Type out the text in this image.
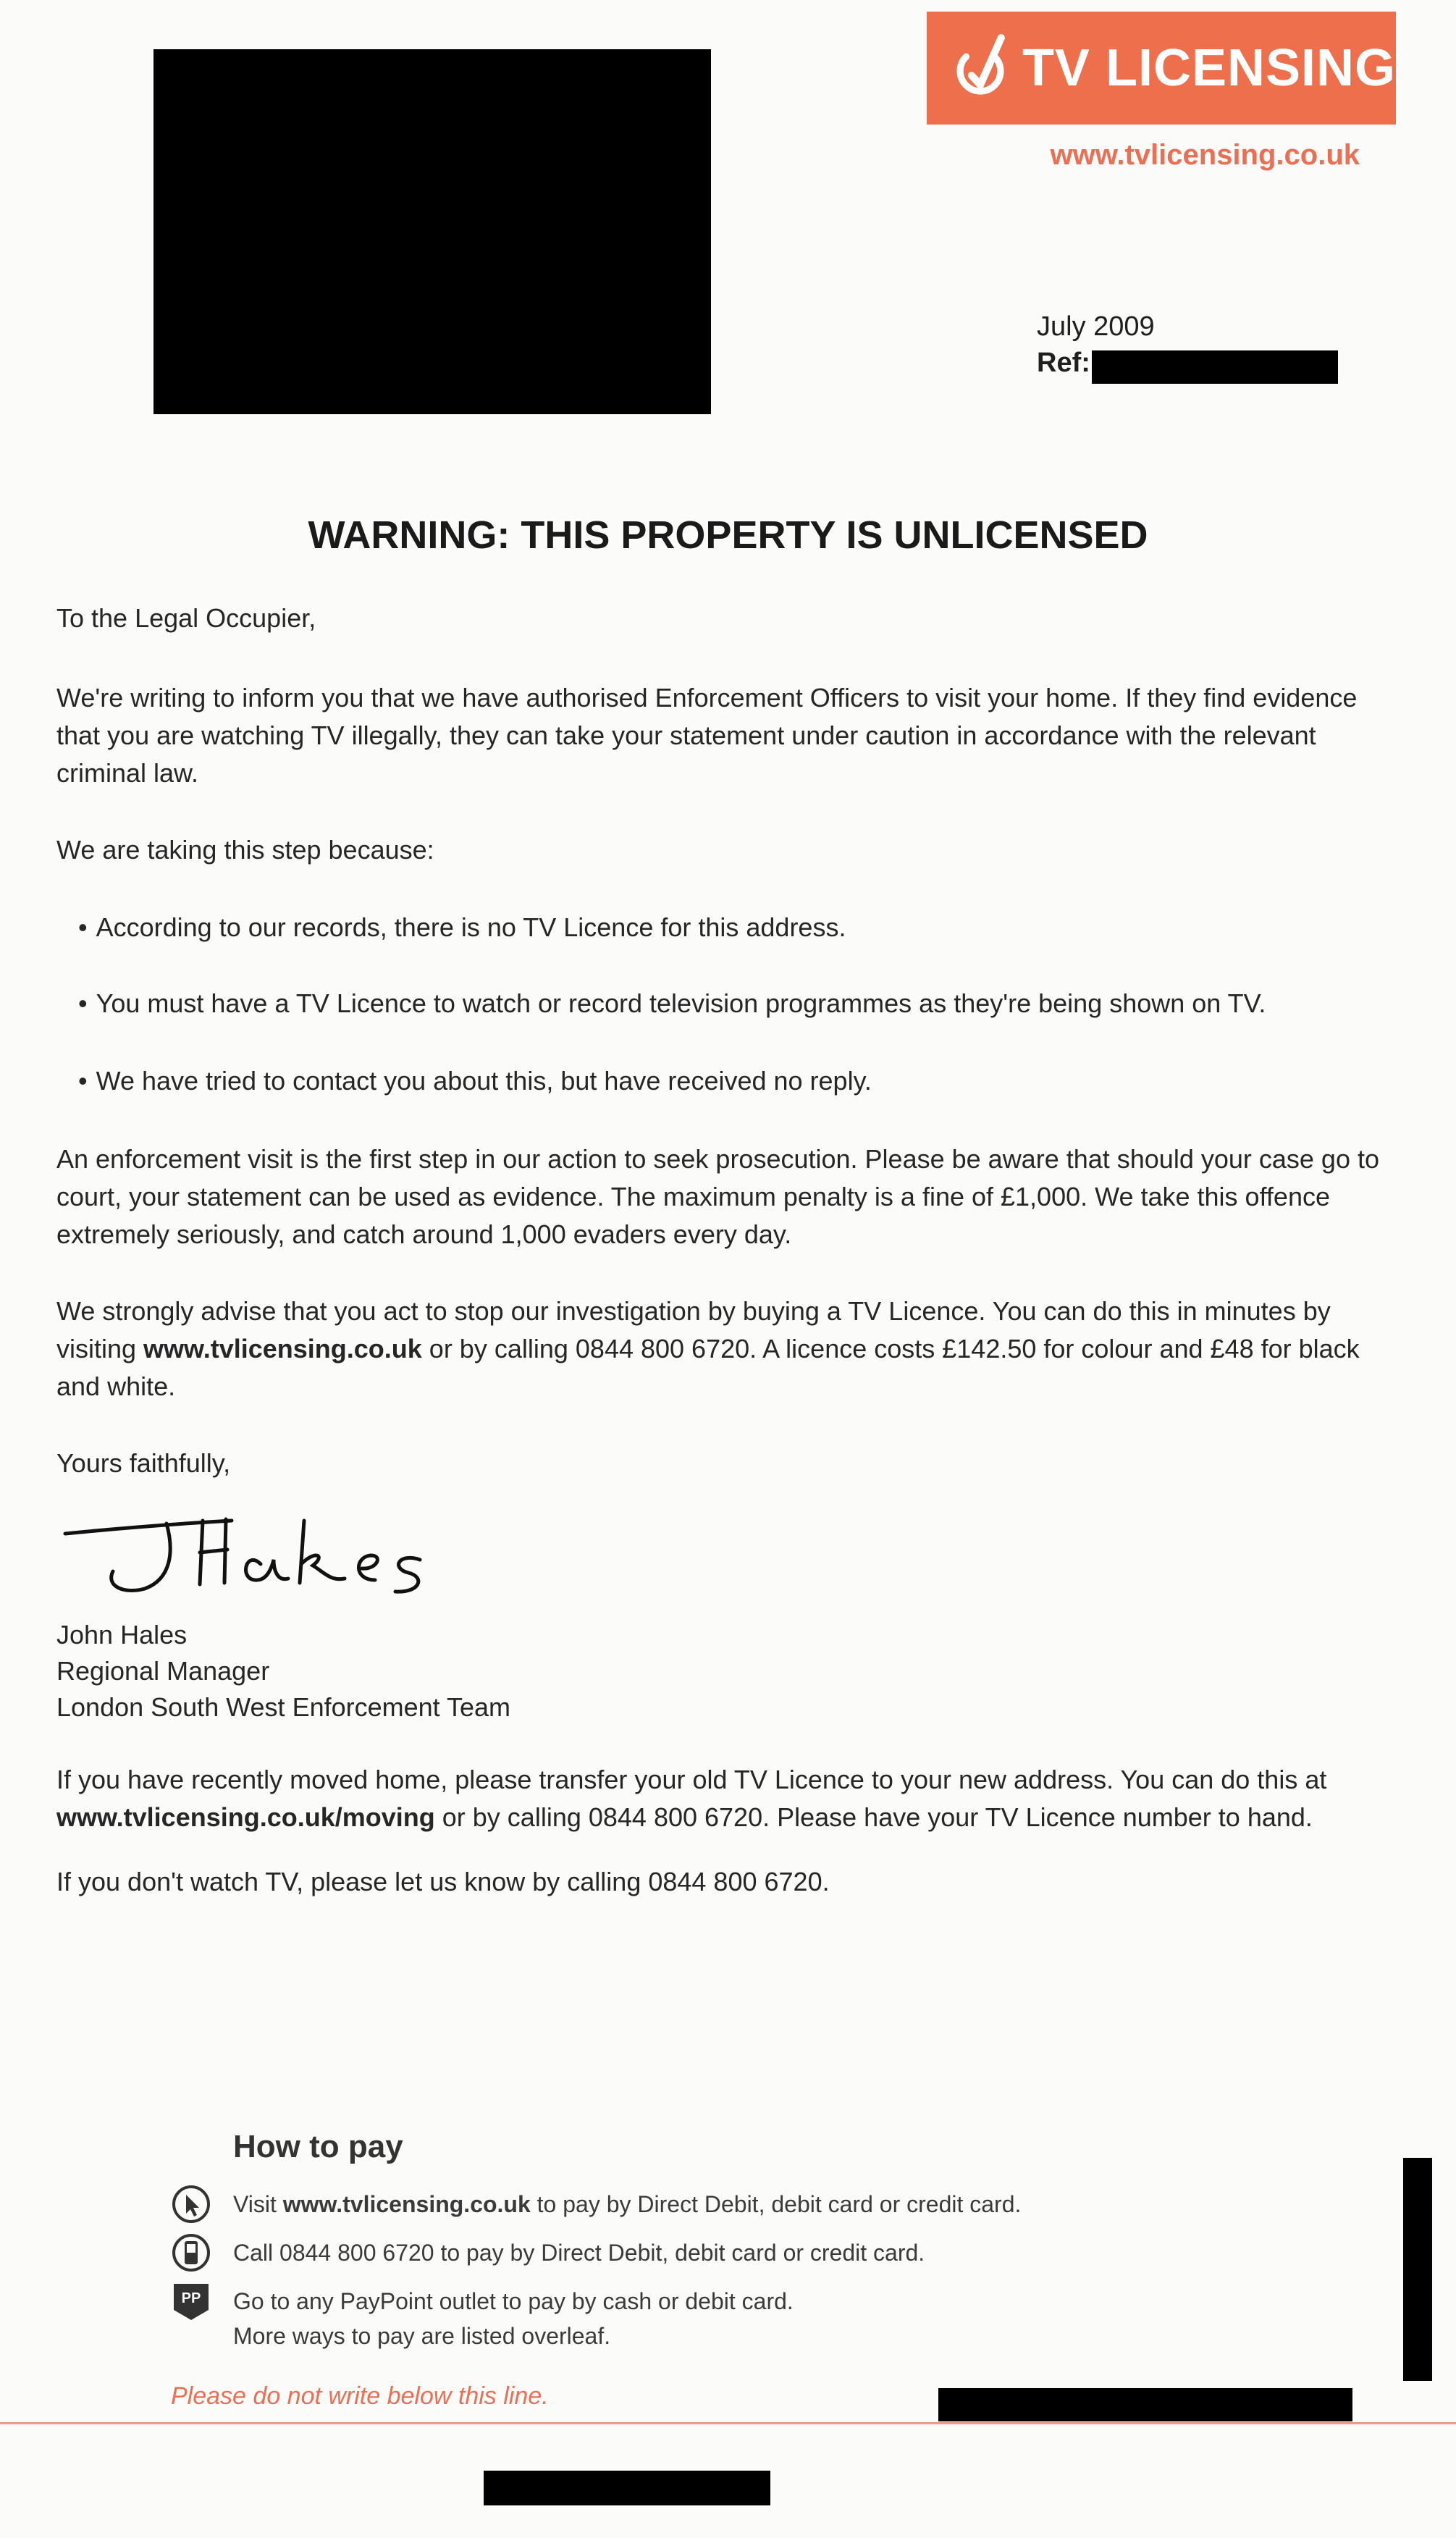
TV LICENSING
www.tvlicensing.co.uk
July 2009
Ref:
WARNING: THIS PROPERTY IS UNLICENSED
To the Legal Occupier,
We're writing to inform you that we have authorised Enforcement Officers to visit your home. If they find evidence that you are watching TV illegally, they can take your statement under caution in accordance with the relevant criminal law.
We are taking this step because:
• According to our records, there is no TV Licence for this address.
• You must have a TV Licence to watch or record television programmes as they're being shown on TV.
• We have tried to contact you about this, but have received no reply.
An enforcement visit is the first step in our action to seek prosecution. Please be aware that should your case go to court, your statement can be used as evidence. The maximum penalty is a fine of £1,000. We take this offence extremely seriously, and catch around 1,000 evaders every day.
We strongly advise that you act to stop our investigation by buying a TV Licence. You can do this in minutes by visiting www.tvlicensing.co.uk or by calling 0844 800 6720. A licence costs £142.50 for colour and £48 for black and white.
Yours faithfully,
John Hales
Regional Manager
London South West Enforcement Team
If you have recently moved home, please transfer your old TV Licence to your new address. You can do this at www.tvlicensing.co.uk/moving or by calling 0844 800 6720. Please have your TV Licence number to hand.
If you don't watch TV, please let us know by calling 0844 800 6720.
How to pay
Visit www.tvlicensing.co.uk to pay by Direct Debit, debit card or credit card.
Call 0844 800 6720 to pay by Direct Debit, debit card or credit card.
PP Go to any PayPoint outlet to pay by cash or debit card.
More ways to pay are listed overleaf.
Please do not write below this line.
